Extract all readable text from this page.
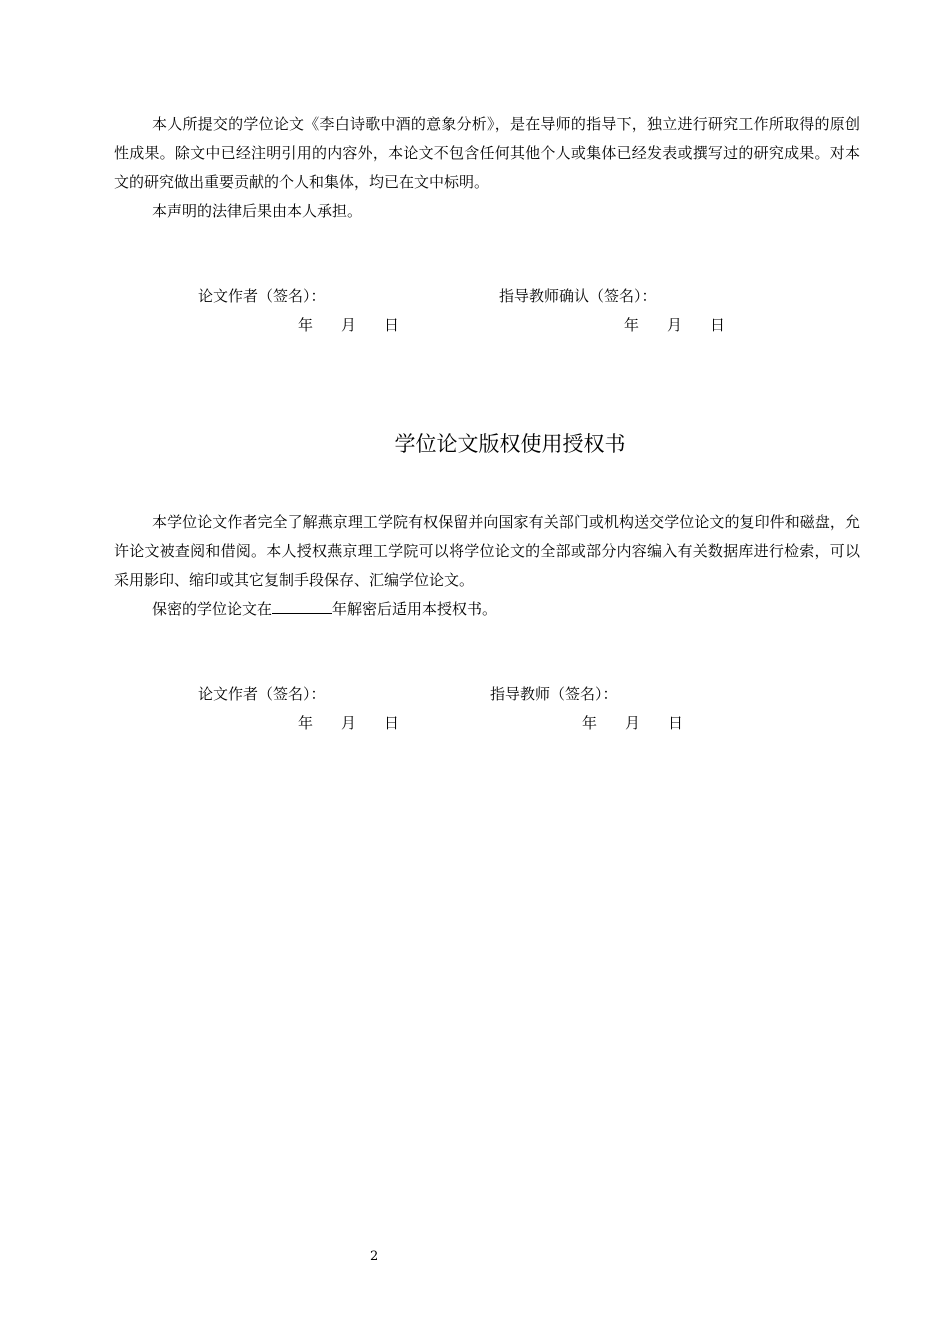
本人所提交的学位论文《李白诗歌中酒的意象分析》，是在导师的指导下，独立进行研究工作所取得的原创性成果。除文中已经注明引用的内容外，本论文不包含任何其他个人或集体已经发表或撰写过的研究成果。对本文的研究做出重要贡献的个人和集体，均已在文中标明。

本声明的法律后果由本人承担。

论文作者（签名）：	指导教师确认（签名）：
年 月 日	年 月 日
学位论文版权使用授权书

本学位论文作者完全了解燕京理工学院有权保留并向国家有关部门或机构送交学位论文的复印件和磁盘，允许论文被查阅和借阅。本人授权燕京理工学院可以将学位论文的全部或部分内容编入有关数据库进行检索，可以采用影印、缩印或其它复制手段保存、汇编学位论文。

保密的学位论文在	年解密后适用本授权书。

论文作者（签名）：	指导教师（签名）：
年 月 日	年 月 日
2
